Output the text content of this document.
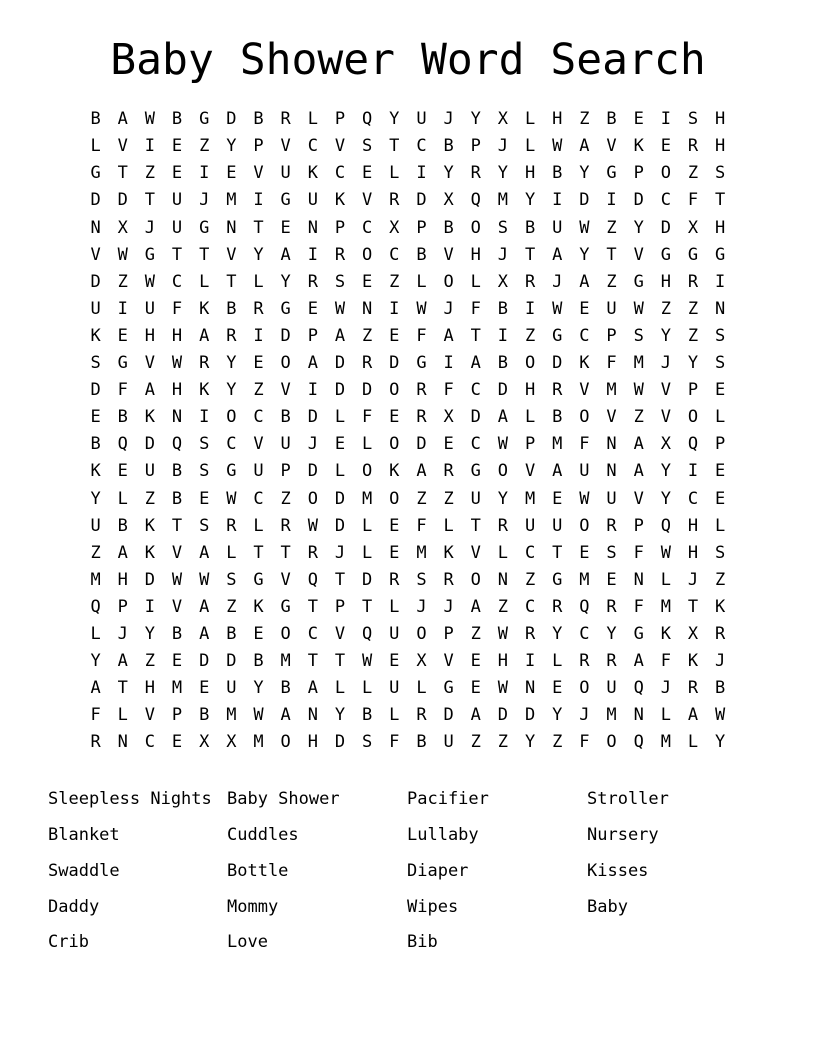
Baby Shower Word Search
B A W B G D B R L P Q Y U J Y X L H Z B E I S H
L V I E Z Y P V C V S T C B P J L W A V K E R H
G T Z E I E V U K C E L I Y R Y H B Y G P O Z S
D D T U J M I G U K V R D X Q M Y I D I D C F T
N X J U G N T E N P C X P B O S B U W Z Y D X H
V W G T T V Y A I R O C B V H J T A Y T V G G G
D Z W C L T L Y R S E Z L O L X R J A Z G H R I
U I U F K B R G E W N I W J F B I W E U W Z Z N
K E H H A R I D P A Z E F A T I Z G C P S Y Z S
S G V W R Y E O A D R D G I A B O D K F M J Y S
D F A H K Y Z V I D D O R F C D H R V M W V P E
E B K N I O C B D L F E R X D A L B O V Z V O L
B Q D Q S C V U J E L O D E C W P M F N A X Q P
K E U B S G U P D L O K A R G O V A U N A Y I E
Y L Z B E W C Z O D M O Z Z U Y M E W U V Y C E
U B K T S R L R W D L E F L T R U U O R P Q H L
Z A K V A L T T R J L E M K V L C T E S F W H S
M H D W W S G V Q T D R S R O N Z G M E N L J Z
Q P I V A Z K G T P T L J J A Z C R Q R F M T K
L J Y B A B E O C V Q U O P Z W R Y C Y G K X R
Y A Z E D D B M T T W E X V E H I L R R A F K J
A T H M E U Y B A L L U L G E W N E O U Q J R B
F L V P B M W A N Y B L R D A D D Y J M N L A W
R N C E X X M O H D S F B U Z Z Y Z F O Q M L Y
Sleepless Nights
Blanket
Swaddle
Daddy
Crib
Baby Shower
Cuddles
Bottle
Mommy
Love
Pacifier
Lullaby
Diaper
Wipes
Bib
Stroller
Nursery
Kisses
Baby
